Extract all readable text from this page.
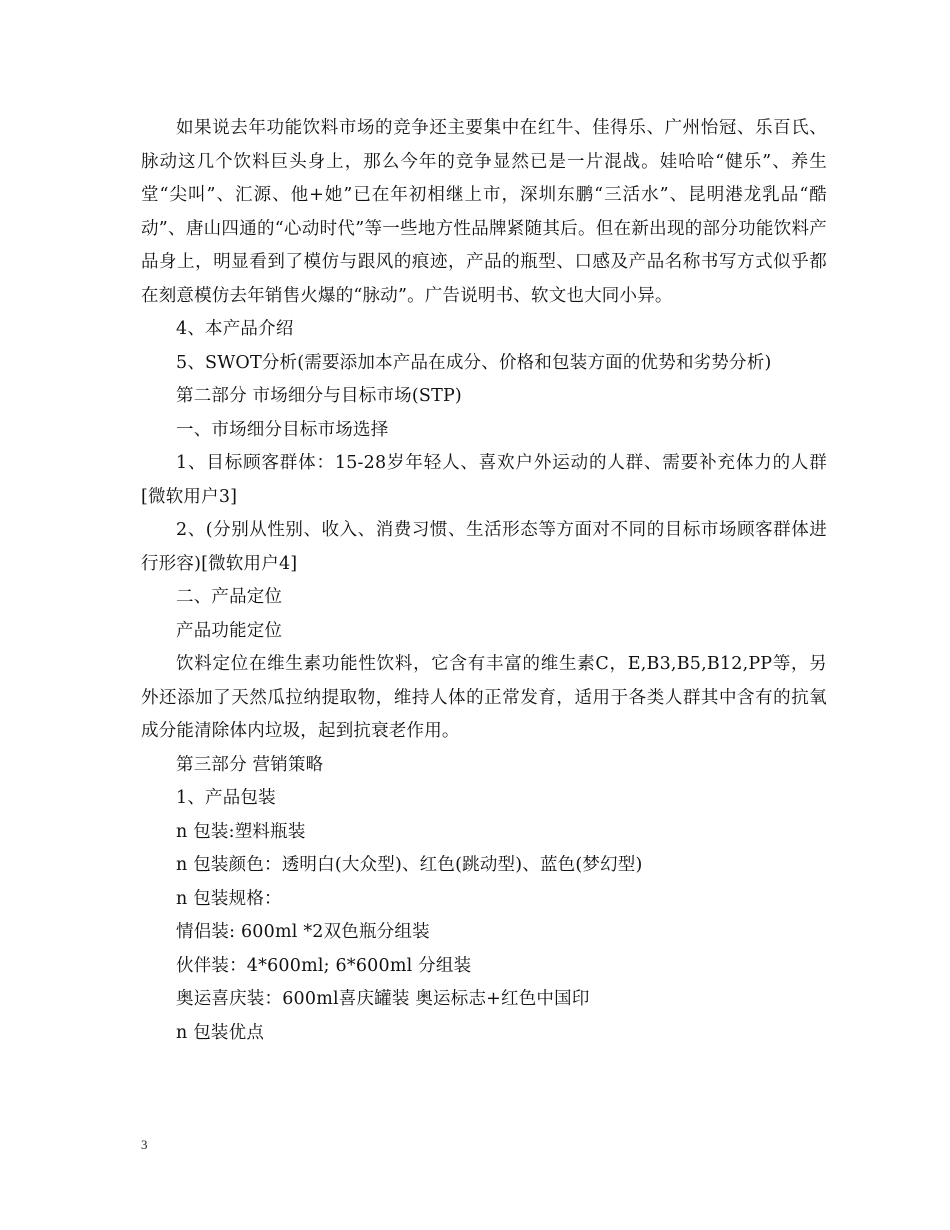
如果说去年功能饮料市场的竞争还主要集中在红牛、佳得乐、广州怡冠、乐百氏、脉动这几个饮料巨头身上，那么今年的竞争显然已是一片混战。娃哈哈“健乐”、养生堂“尖叫”、汇源、他+她”已在年初相继上市，深圳东鹏“三活水”、昆明港龙乳品“酷动”、唐山四通的“心动时代”等一些地方性品牌紧随其后。但在新出现的部分功能饮料产品身上，明显看到了模仿与跟风的痕迹，产品的瓶型、口感及产品名称书写方式似乎都在刻意模仿去年销售火爆的“脉动”。广告说明书、软文也大同小异。

4、本产品介绍

5、SWOT分析(需要添加本产品在成分、价格和包装方面的优势和劣势分析)

第二部分 市场细分与目标市场(STP)

一、市场细分目标市场选择

1、目标顾客群体：15-28岁年轻人、喜欢户外运动的人群、需要补充体力的人群 [微软用户3]

2、(分别从性别、收入、消费习惯、生活形态等方面对不同的目标市场顾客群体进行形容)[微软用户4]

二、产品定位

产品功能定位

饮料定位在维生素功能性饮料，它含有丰富的维生素C，E,B3,B5,B12,PP等，另外还添加了天然瓜拉纳提取物，维持人体的正常发育，适用于各类人群其中含有的抗氧成分能清除体内垃圾，起到抗衰老作用。

第三部分 营销策略

1、产品包装

n 包装:塑料瓶装

n 包装颜色：透明白(大众型)、红色(跳动型)、蓝色(梦幻型)

n 包装规格：

情侣装: 600ml *2双色瓶分组装

伙伴装：4*600ml; 6*600ml 分组装

奥运喜庆装：600ml喜庆罐装 奥运标志+红色中国印

n 包装优点

3
